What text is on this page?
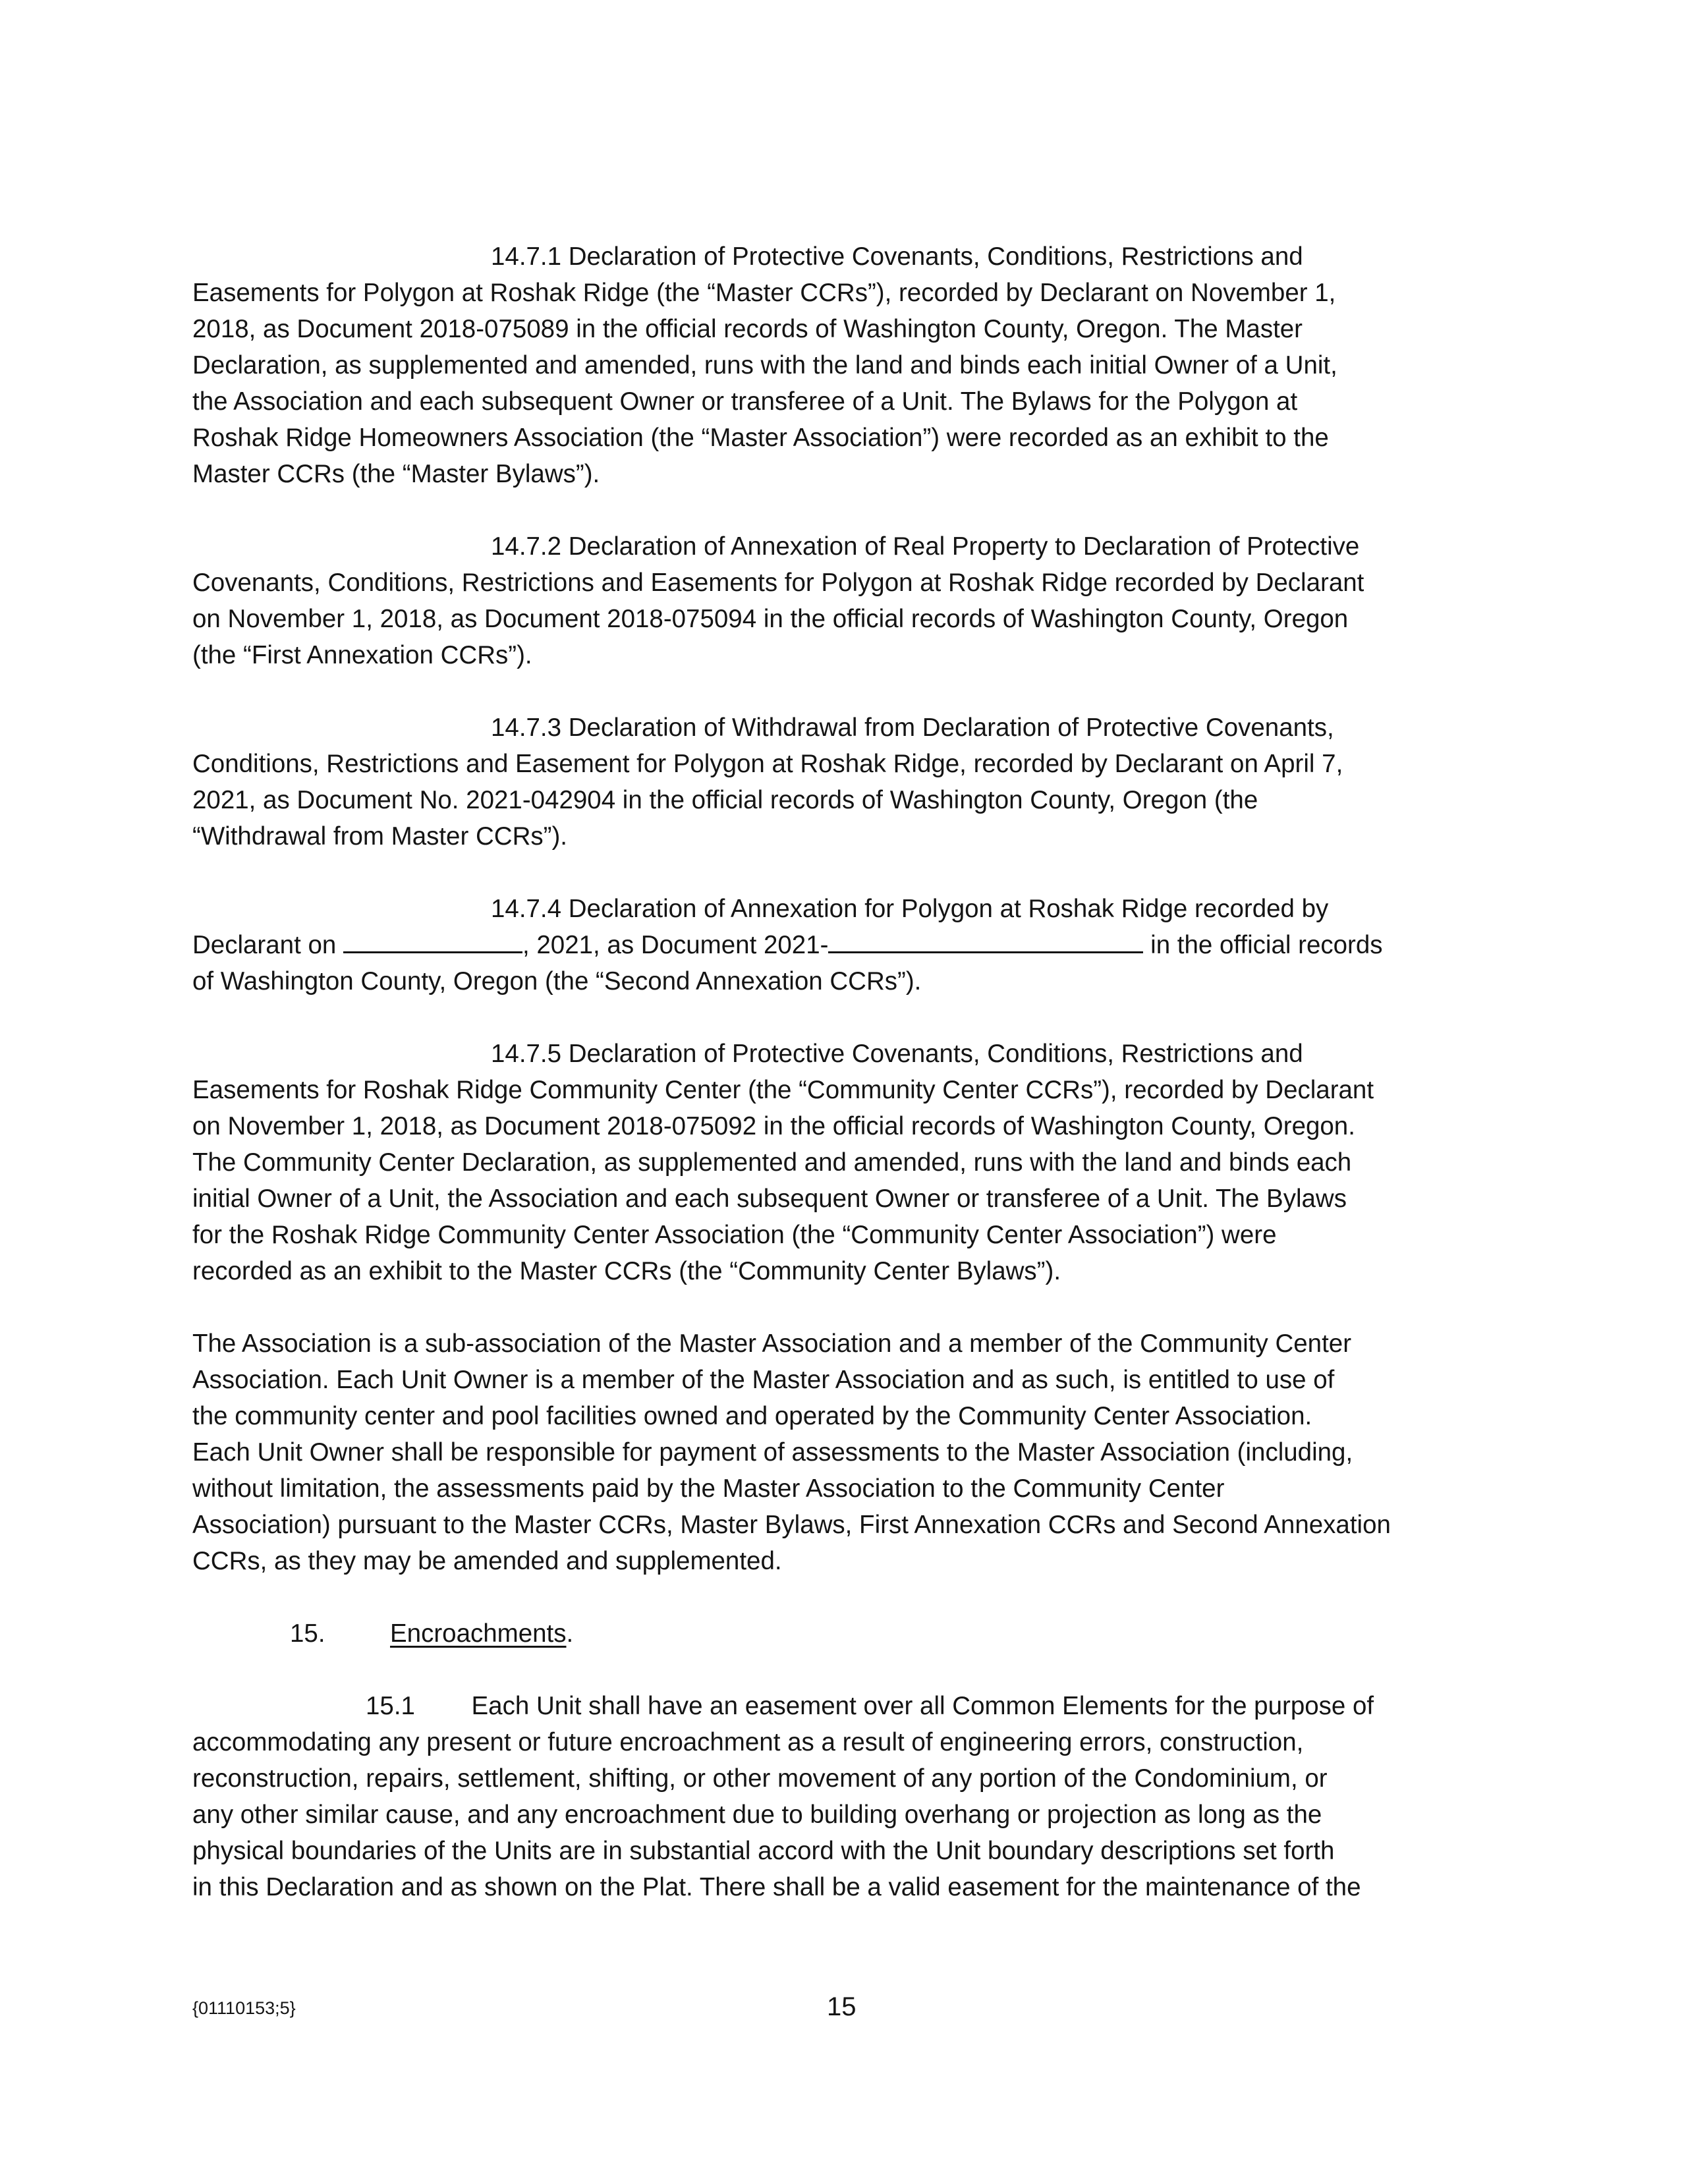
14.7.1 Declaration of Protective Covenants, Conditions, Restrictions and
Easements for Polygon at Roshak Ridge (the “Master CCRs”), recorded by Declarant on November 1,
2018, as Document 2018-075089 in the official records of Washington County, Oregon. The Master
Declaration, as supplemented and amended, runs with the land and binds each initial Owner of a Unit,
the Association and each subsequent Owner or transferee of a Unit. The Bylaws for the Polygon at
Roshak Ridge Homeowners Association (the “Master Association”) were recorded as an exhibit to the
Master CCRs (the “Master Bylaws”).
14.7.2 Declaration of Annexation of Real Property to Declaration of Protective
Covenants, Conditions, Restrictions and Easements for Polygon at Roshak Ridge recorded by Declarant
on November 1, 2018, as Document 2018-075094 in the official records of Washington County, Oregon
(the “First Annexation CCRs”).
14.7.3 Declaration of Withdrawal from Declaration of Protective Covenants,
Conditions, Restrictions and Easement for Polygon at Roshak Ridge, recorded by Declarant on April 7,
2021, as Document No. 2021-042904 in the official records of Washington County, Oregon (the
“Withdrawal from Master CCRs”).
14.7.4 Declaration of Annexation for Polygon at Roshak Ridge recorded by
Declarant on	, 2021, as Document 2021-	in the official records
of Washington County, Oregon (the “Second Annexation CCRs”).
14.7.5 Declaration of Protective Covenants, Conditions, Restrictions and
Easements for Roshak Ridge Community Center (the “Community Center CCRs”), recorded by Declarant
on November 1, 2018, as Document 2018-075092 in the official records of Washington County, Oregon.
The Community Center Declaration, as supplemented and amended, runs with the land and binds each
initial Owner of a Unit, the Association and each subsequent Owner or transferee of a Unit. The Bylaws
for the Roshak Ridge Community Center Association (the “Community Center Association”) were
recorded as an exhibit to the Master CCRs (the “Community Center Bylaws”).
The Association is a sub-association of the Master Association and a member of the Community Center
Association. Each Unit Owner is a member of the Master Association and as such, is entitled to use of
the community center and pool facilities owned and operated by the Community Center Association.
Each Unit Owner shall be responsible for payment of assessments to the Master Association (including,
without limitation, the assessments paid by the Master Association to the Community Center
Association) pursuant to the Master CCRs, Master Bylaws, First Annexation CCRs and Second Annexation
CCRs, as they may be amended and supplemented.
15.	Encroachments.
15.1        Each Unit shall have an easement over all Common Elements for the purpose of
accommodating any present or future encroachment as a result of engineering errors, construction,
reconstruction, repairs, settlement, shifting, or other movement of any portion of the Condominium, or
any other similar cause, and any encroachment due to building overhang or projection as long as the
physical boundaries of the Units are in substantial accord with the Unit boundary descriptions set forth
in this Declaration and as shown on the Plat. There shall be a valid easement for the maintenance of the
{01110153;5}	15
